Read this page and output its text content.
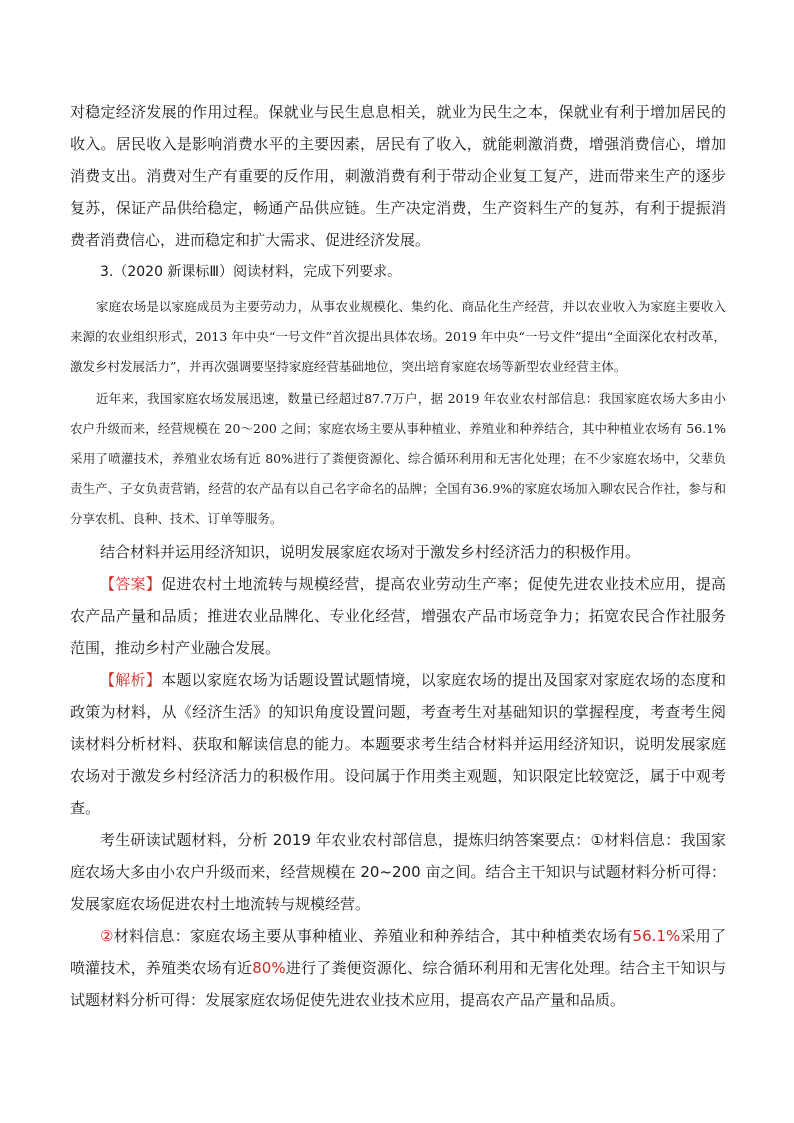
对稳定经济发展的作用过程。保就业与民生息息相关，就业为民生之本，保就业有利于增加居民的收入。居民收入是影响消费水平的主要因素，居民有了收入，就能刺激消费，增强消费信心，增加消费支出。消费对生产有重要的反作用，刺激消费有利于带动企业复工复产，进而带来生产的逐步复苏，保证产品供给稳定，畅通产品供应链。生产决定消费，生产资料生产的复苏，有利于提振消费者消费信心，进而稳定和扩大需求、促进经济发展。

3.（2020 新课标Ⅲ）阅读材料，完成下列要求。

家庭农场是以家庭成员为主要劳动力，从事农业规模化、集约化、商品化生产经营，并以农业收入为家庭主要收入来源的农业组织形式，2013 年中央“一号文件”首次提出具体农场。2019 年中央“一号文件”提出“全面深化农村改革，激发乡村发展活力”，并再次强调要坚持家庭经营基础地位，突出培育家庭农场等新型农业经营主体。

近年来，我国家庭农场发展迅速，数量已经超过87.7万户，据 2019 年农业农村部信息：我国家庭农场大多由小农户升级而来，经营规模在 20～200 之间；家庭农场主要从事种植业、养殖业和种养结合，其中种植业农场有 56.1%采用了喷灌技术，养殖业农场有近 80%进行了粪便资源化、综合循环利用和无害化处理；在不少家庭农场中，父辈负责生产、子女负责营销，经营的农产品有以自己名字命名的品牌；全国有36.9%的家庭农场加入聊农民合作社，参与和分享农机、良种、技术、订单等服务。

结合材料并运用经济知识，说明发展家庭农场对于激发乡村经济活力的积极作用。

【答案】促进农村土地流转与规模经营，提高农业劳动生产率；促使先进农业技术应用，提高农产品产量和品质；推进农业品牌化、专业化经营，增强农产品市场竞争力；拓宽农民合作社服务范围，推动乡村产业融合发展。

【解析】本题以家庭农场为话题设置试题情境，以家庭农场的提出及国家对家庭农场的态度和政策为材料，从《经济生活》的知识角度设置问题，考查考生对基础知识的掌握程度，考查考生阅读材料分析材料、获取和解读信息的能力。本题要求考生结合材料并运用经济知识，说明发展家庭农场对于激发乡村经济活力的积极作用。设问属于作用类主观题，知识限定比较宽泛，属于中观考查。

考生研读试题材料，分析 2019 年农业农村部信息，提炼归纳答案要点：①材料信息：我国家庭农场大多由小农户升级而来，经营规模在 20~200 亩之间。结合主干知识与试题材料分析可得：发展家庭农场促进农村土地流转与规模经营。

②材料信息：家庭农场主要从事种植业、养殖业和种养结合，其中种植类农场有56.1%采用了喷灌技术，养殖类农场有近80%进行了粪便资源化、综合循环利用和无害化处理。结合主干知识与试题材料分析可得：发展家庭农场促使先进农业技术应用，提高农产品产量和品质。
